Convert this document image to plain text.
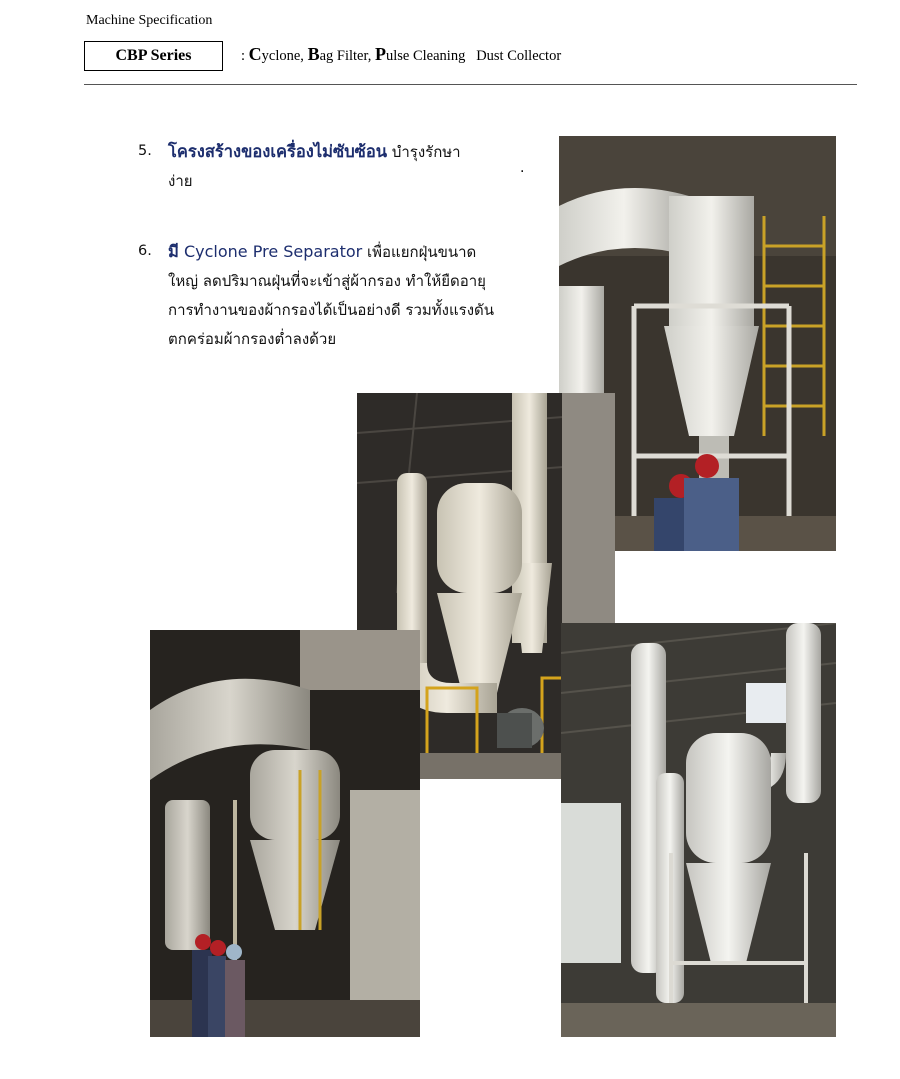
Machine Specification
CBP Series	: Cyclone, Bag Filter, Pulse Cleaning   Dust Collector
5. โครงสร้างของเครื่องไม่ซับซ้อน บำรุงรักษา
ง่าย
.
6. มี Cyclone Pre Separator เพื่อแยกฝุ่นขนาด
ใหญ่ ลดปริมาณฝุ่นที่จะเข้าสู่ผ้ากรอง ทำให้ยืดอายุ
การทำงานของผ้ากรองได้เป็นอย่างดี รวมทั้งแรงดัน
ตกคร่อมผ้ากรองต่ำลงด้วย
